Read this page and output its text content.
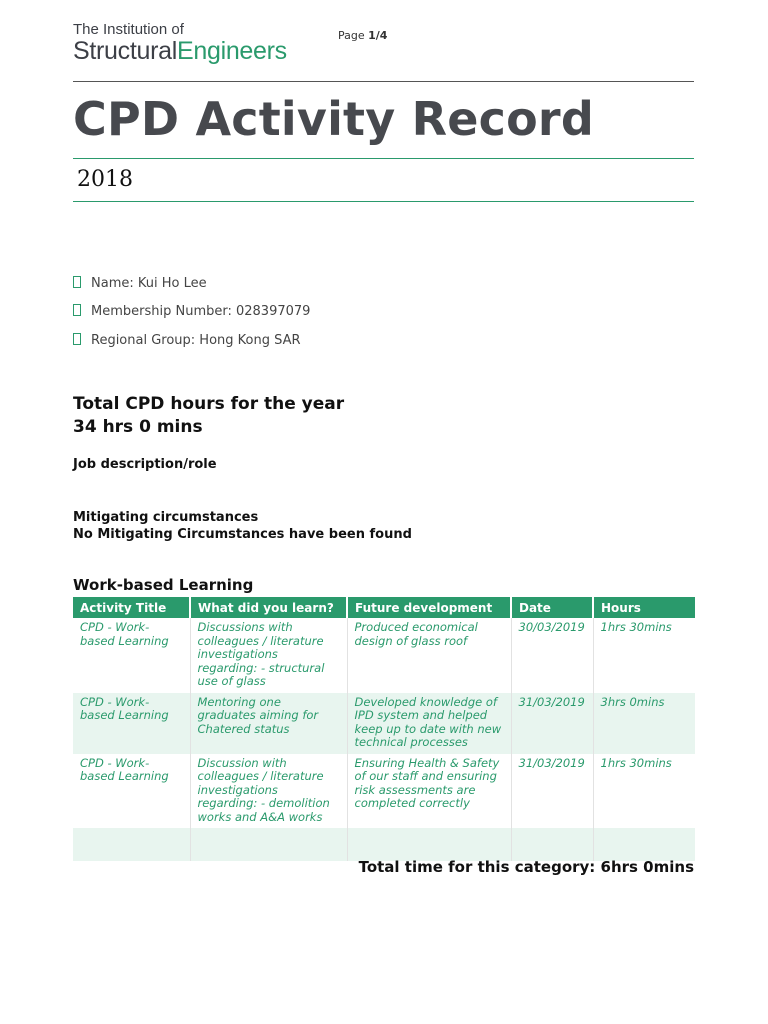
The Institution of
StructuralEngineers
Page 1/4
CPD Activity Record
2018
Name: Kui Ho Lee
Membership Number: 028397079
Regional Group: Hong Kong SAR
Total CPD hours for the year
34 hrs 0 mins
Job description/role
Mitigating circumstances
No Mitigating Circumstances have been found
Work-based Learning
Activity Title	What did you learn?	Future development	Date	Hours
CPD - Work-based Learning	Discussions with colleagues / literature investigations regarding: - structural use of glass	Produced economical design of glass roof	30/03/2019	1hrs 30mins
CPD - Work-based Learning	Mentoring one graduates aiming for Chatered status	Developed knowledge of IPD system and helped keep up to date with new technical processes	31/03/2019	3hrs 0mins
CPD - Work-based Learning	Discussion with colleagues / literature investigations regarding: - demolition works and A&A works	Ensuring Health & Safety of our staff and ensuring risk assessments are completed correctly	31/03/2019	1hrs 30mins

Total time for this category: 6hrs 0mins
